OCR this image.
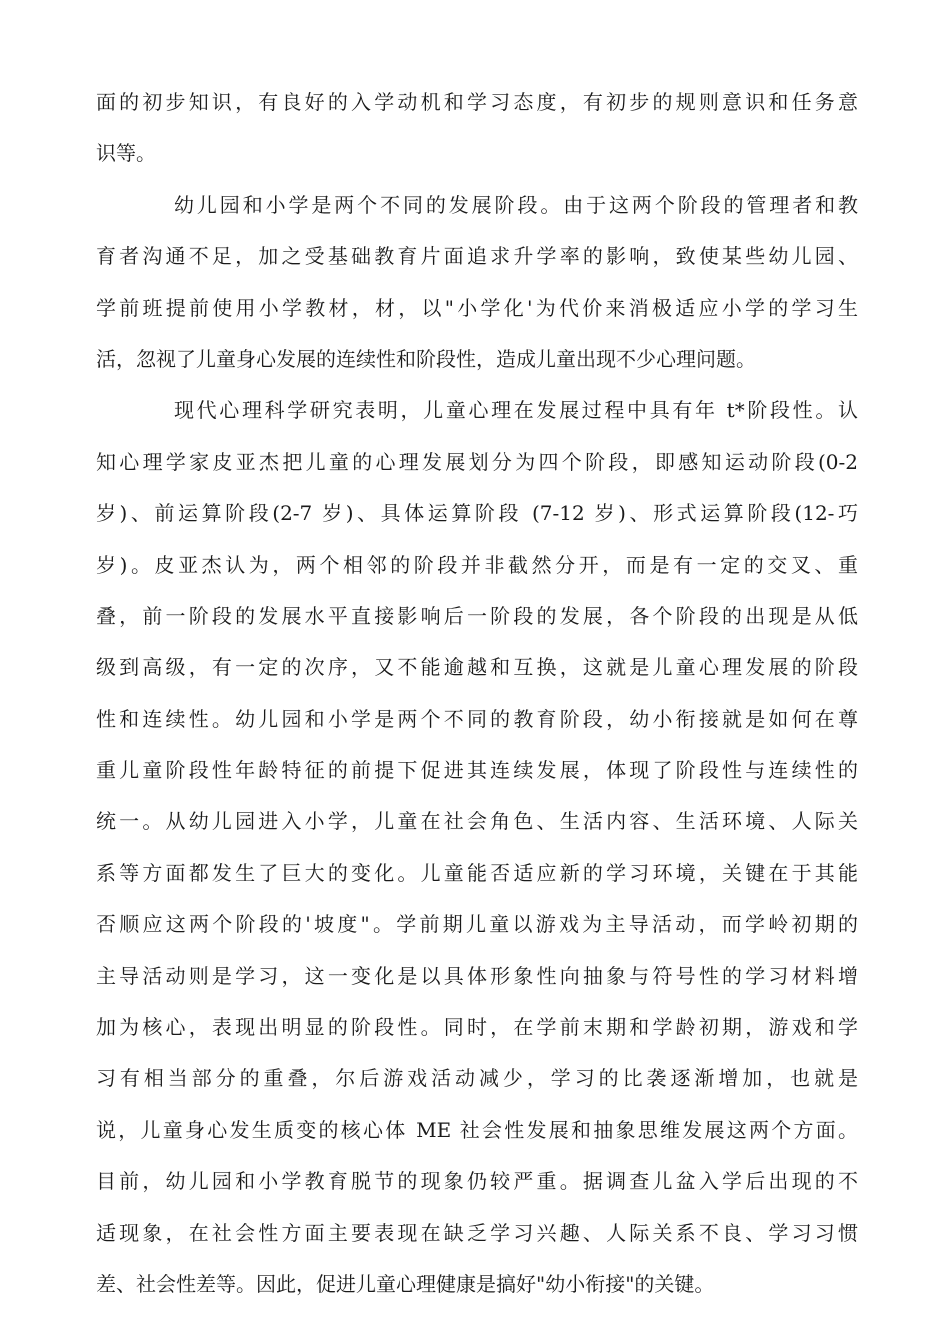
面的初步知识，有良好的入学动机和学习态度，有初步的规则意识和任务意
识等。
幼儿园和小学是两个不同的发展阶段。由于这两个阶段的管理者和教
育者沟通不足，加之受基础教育片面追求升学率的影响，致使某些幼儿园、
学前班提前使用小学教材，材，以"小学化'为代价来消极适应小学的学习生
活，忽视了儿童身心发展的连续性和阶段性，造成儿童出现不少心理问题。
现代心理科学研究表明，儿童心理在发展过程中具有年 t*阶段性。认
知心理学家皮亚杰把儿童的心理发展划分为四个阶段，即感知运动阶段(0-2
岁)、前运算阶段(2-7 岁)、具体运算阶段 (7-12 岁)、形式运算阶段(12-巧
岁)。皮亚杰认为，两个相邻的阶段并非截然分开，而是有一定的交叉、重
叠，前一阶段的发展水平直接影响后一阶段的发展，各个阶段的出现是从低
级到高级，有一定的次序，又不能逾越和互换，这就是儿童心理发展的阶段
性和连续性。幼儿园和小学是两个不同的教育阶段，幼小衔接就是如何在尊
重儿童阶段性年龄特征的前提下促进其连续发展，体现了阶段性与连续性的
统一。从幼儿园进入小学，儿童在社会角色、生活内容、生活环境、人际关
系等方面都发生了巨大的变化。儿童能否适应新的学习环境，关键在于其能
否顺应这两个阶段的'坡度"。学前期儿童以游戏为主导活动，而学岭初期的
主导活动则是学习，这一变化是以具体形象性向抽象与符号性的学习材料增
加为核心，表现出明显的阶段性。同时，在学前末期和学龄初期，游戏和学
习有相当部分的重叠，尔后游戏活动减少，学习的比袭逐渐增加，也就是
说，儿童身心发生质变的核心体 ME 社会性发展和抽象思维发展这两个方面。
目前，幼儿园和小学教育脱节的现象仍较严重。据调查儿盆入学后出现的不
适现象，在社会性方面主要表现在缺乏学习兴趣、人际关系不良、学习习惯
差、社会性差等。因此，促进儿童心理健康是搞好"幼小衔接"的关键。
